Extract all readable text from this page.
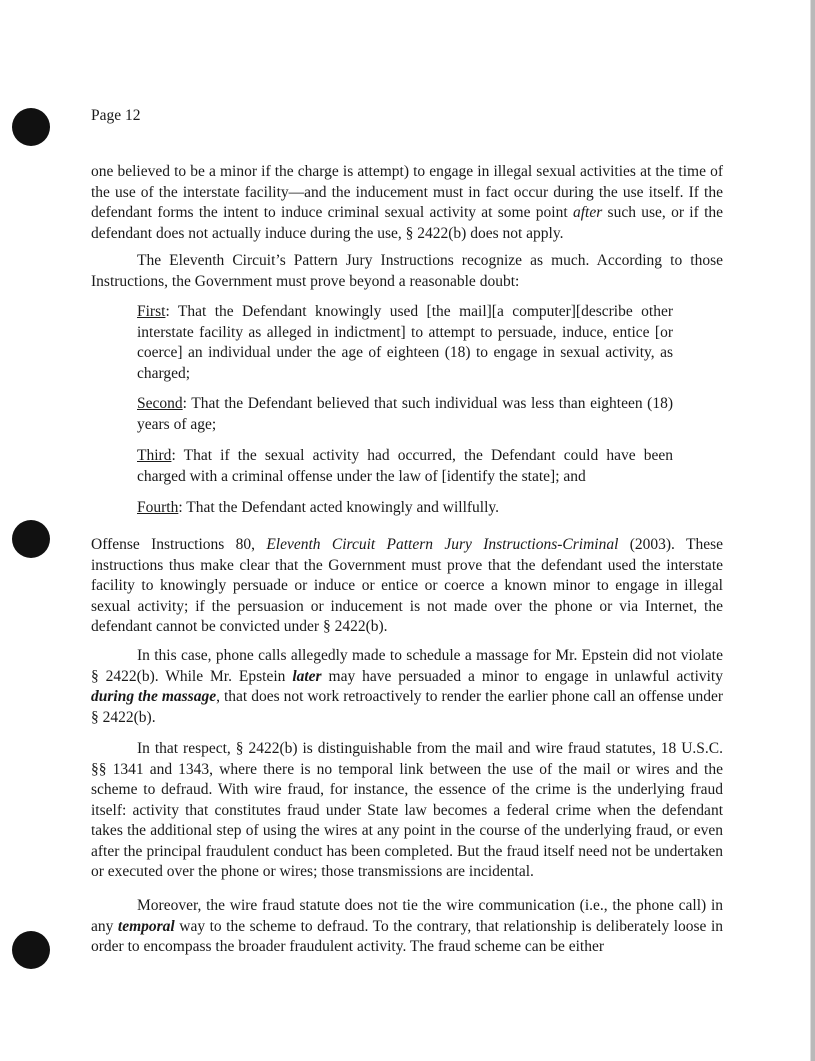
Page 12

one believed to be a minor if the charge is attempt) to engage in illegal sexual activities at the time of the use of the interstate facility—and the inducement must in fact occur during the use itself. If the defendant forms the intent to induce criminal sexual activity at some point after such use, or if the defendant does not actually induce during the use, § 2422(b) does not apply.

The Eleventh Circuit’s Pattern Jury Instructions recognize as much. According to those Instructions, the Government must prove beyond a reasonable doubt:

First: That the Defendant knowingly used [the mail][a computer][describe other interstate facility as alleged in indictment] to attempt to persuade, induce, entice [or coerce] an individual under the age of eighteen (18) to engage in sexual activity, as charged;

Second: That the Defendant believed that such individual was less than eighteen (18) years of age;

Third: That if the sexual activity had occurred, the Defendant could have been charged with a criminal offense under the law of [identify the state]; and

Fourth: That the Defendant acted knowingly and willfully.

Offense Instructions 80, Eleventh Circuit Pattern Jury Instructions-Criminal (2003). These instructions thus make clear that the Government must prove that the defendant used the interstate facility to knowingly persuade or induce or entice or coerce a known minor to engage in illegal sexual activity; if the persuasion or inducement is not made over the phone or via Internet, the defendant cannot be convicted under § 2422(b).

In this case, phone calls allegedly made to schedule a massage for Mr. Epstein did not violate § 2422(b). While Mr. Epstein later may have persuaded a minor to engage in unlawful activity during the massage, that does not work retroactively to render the earlier phone call an offense under § 2422(b).

In that respect, § 2422(b) is distinguishable from the mail and wire fraud statutes, 18 U.S.C. §§ 1341 and 1343, where there is no temporal link between the use of the mail or wires and the scheme to defraud. With wire fraud, for instance, the essence of the crime is the underlying fraud itself: activity that constitutes fraud under State law becomes a federal crime when the defendant takes the additional step of using the wires at any point in the course of the underlying fraud, or even after the principal fraudulent conduct has been completed. But the fraud itself need not be undertaken or executed over the phone or wires; those transmissions are incidental.

Moreover, the wire fraud statute does not tie the wire communication (i.e., the phone call) in any temporal way to the scheme to defraud. To the contrary, that relationship is deliberately loose in order to encompass the broader fraudulent activity. The fraud scheme can be either
